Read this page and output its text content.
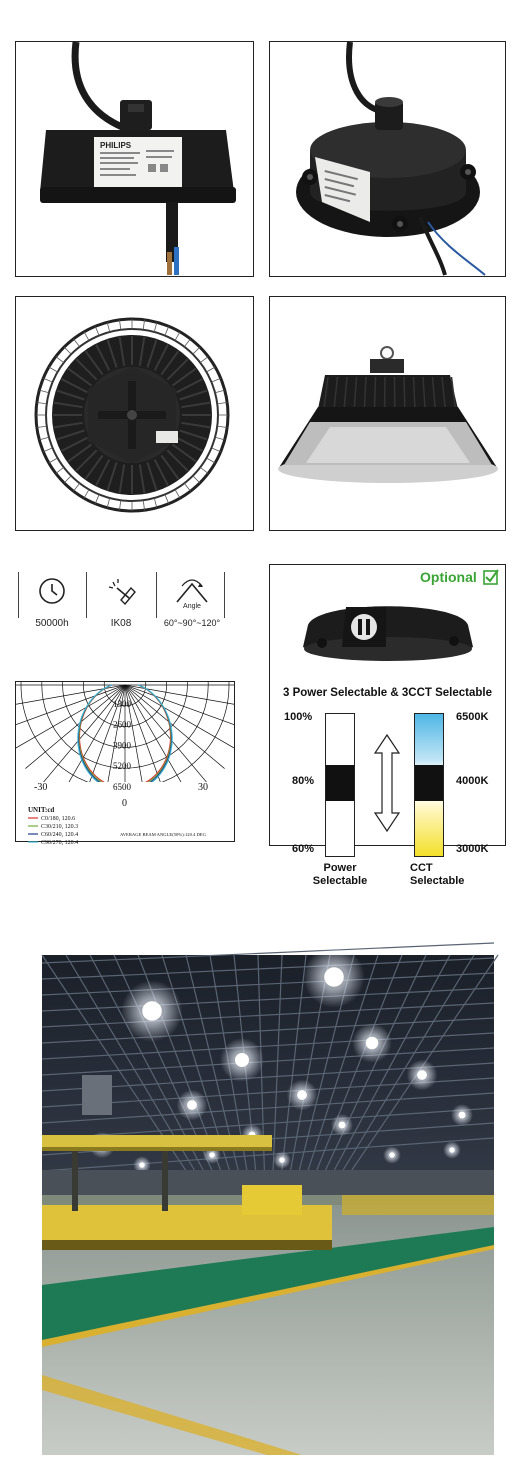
PHILIPS
50000h	IK08
Angle
60°~90°~120°
1300
2600
3900
5200
6500
-30	30
0
UNIT:cd
C0/180, 120.6
C30/210, 120.3
C60/240, 120.4
C90/270, 120.4
AVERAGE BEAM ANGLE(50%):120.4 DEG
Optional
3 Power Selectable & 3CCT Selectable
100%
80%
60%
Power
Selectable
6500K
4000K
3000K
CCT
Selectable
